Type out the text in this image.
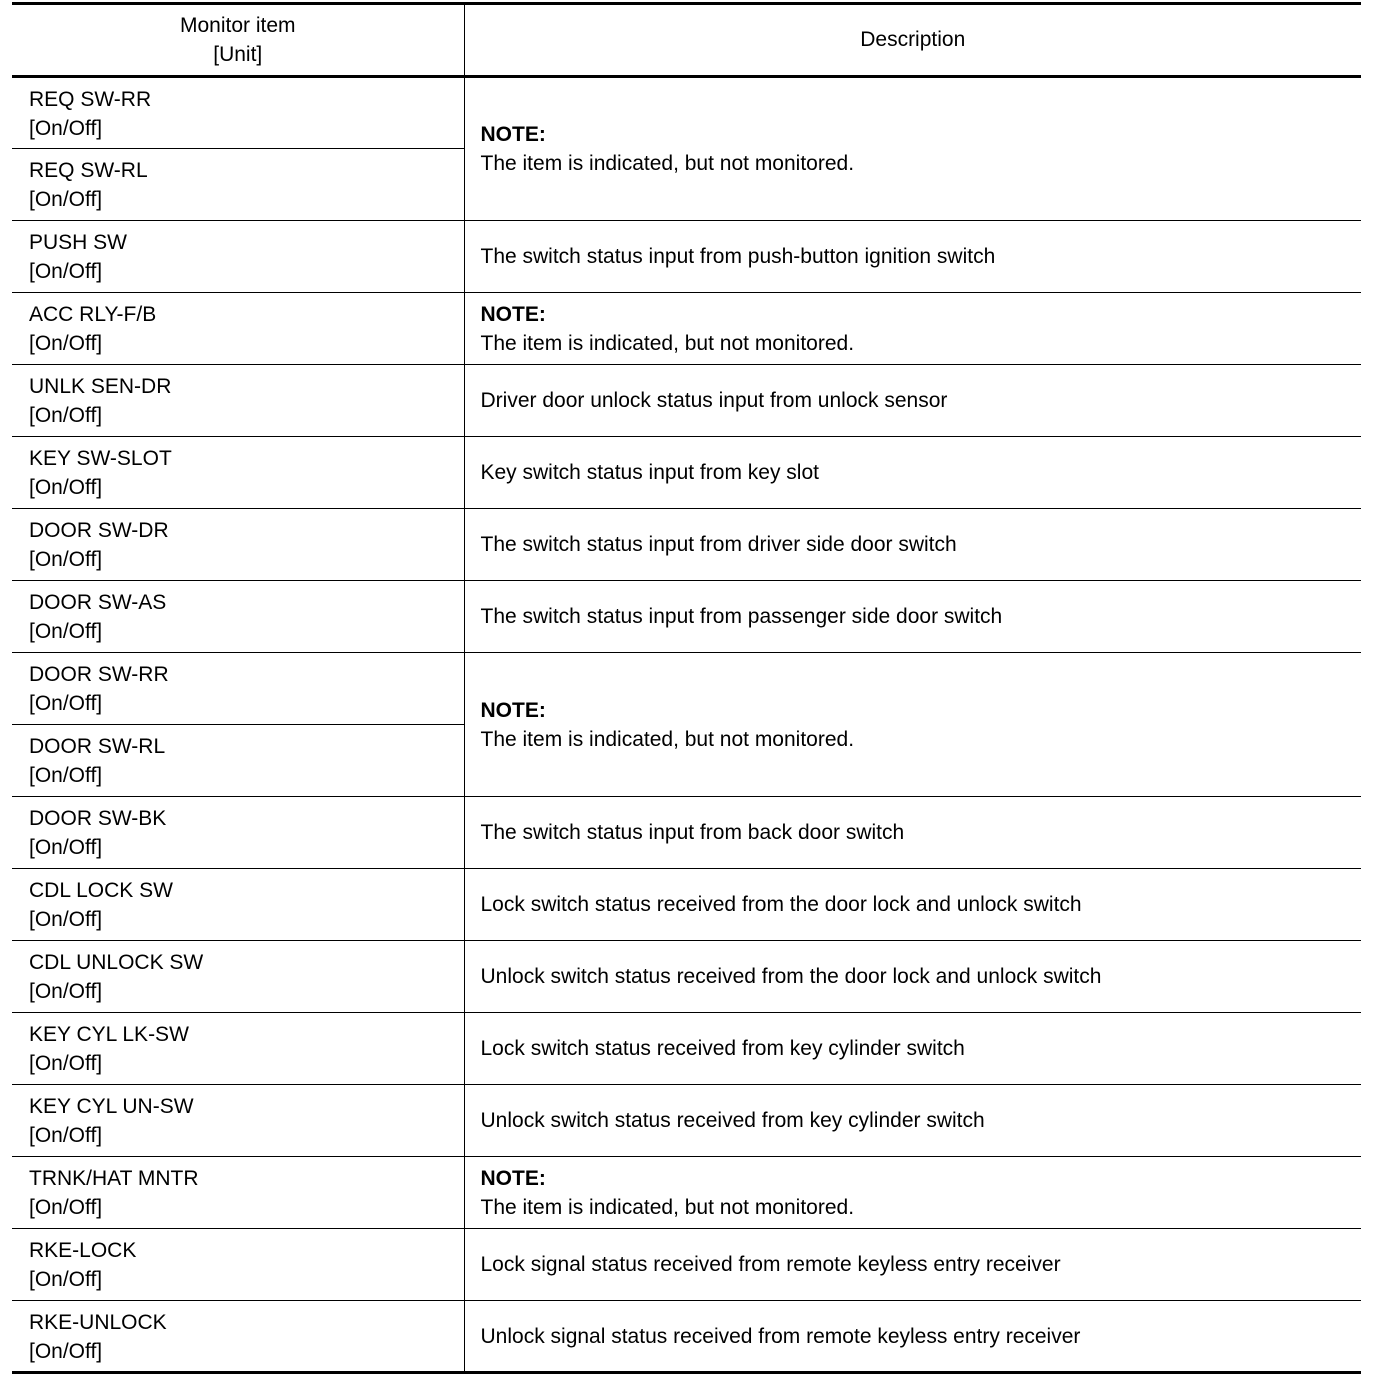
Monitor item
[Unit]	Description

REQ SW-RR
[On/Off]	NOTE:
The item is indicated, but not monitored.

REQ SW-RL
[On/Off]	

PUSH SW
[On/Off]	The switch status input from push-button ignition switch

ACC RLY-F/B
[On/Off]	NOTE:
The item is indicated, but not monitored.

UNLK SEN-DR
[On/Off]	Driver door unlock status input from unlock sensor

KEY SW-SLOT
[On/Off]	Key switch status input from key slot

DOOR SW-DR
[On/Off]	The switch status input from driver side door switch

DOOR SW-AS
[On/Off]	The switch status input from passenger side door switch

DOOR SW-RR
[On/Off]	NOTE:
The item is indicated, but not monitored.

DOOR SW-RL
[On/Off]	

DOOR SW-BK
[On/Off]	The switch status input from back door switch

CDL LOCK SW
[On/Off]	Lock switch status received from the door lock and unlock switch

CDL UNLOCK SW
[On/Off]	Unlock switch status received from the door lock and unlock switch

KEY CYL LK-SW
[On/Off]	Lock switch status received from key cylinder switch

KEY CYL UN-SW
[On/Off]	Unlock switch status received from key cylinder switch

TRNK/HAT MNTR
[On/Off]	NOTE:
The item is indicated, but not monitored.

RKE-LOCK
[On/Off]	Lock signal status received from remote keyless entry receiver

RKE-UNLOCK
[On/Off]	Unlock signal status received from remote keyless entry receiver
